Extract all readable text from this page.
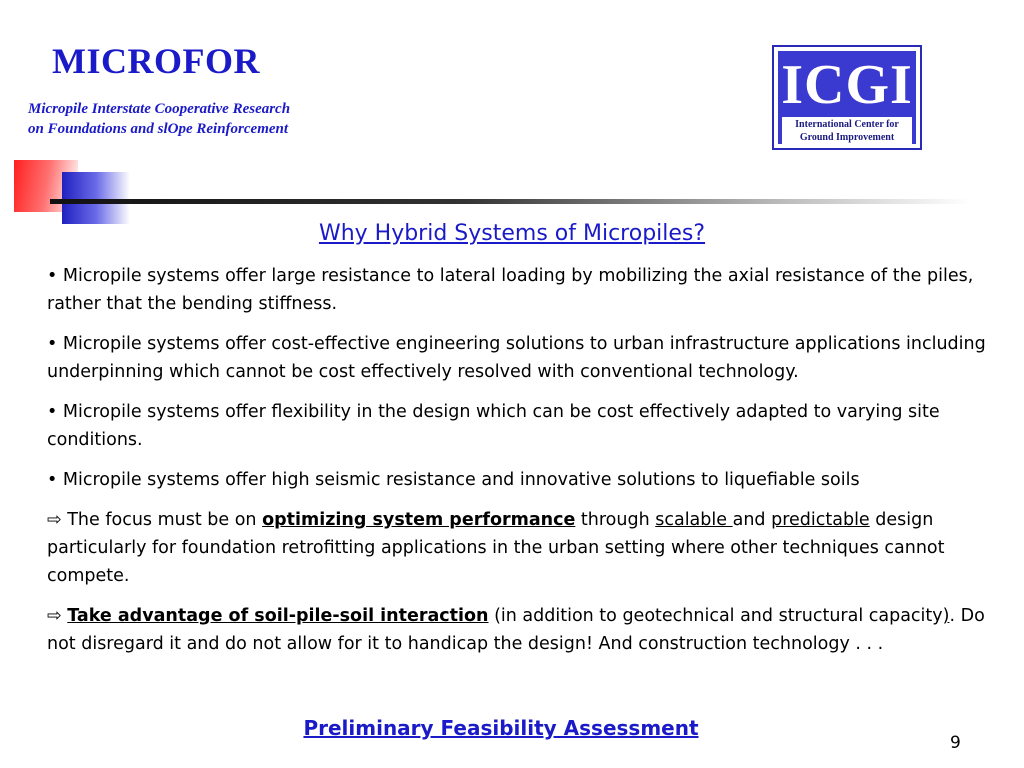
MICROFOR
Micropile Interstate Cooperative Research
on Foundations and slOpe Reinforcement
ICGI
International Center for
Ground Improvement
Why Hybrid Systems of Micropiles?

• Micropile systems offer large resistance to lateral loading by mobilizing the axial resistance of the piles, rather that the bending stiffness.

• Micropile systems offer cost-effective engineering solutions to urban infrastructure applications including underpinning which cannot be cost effectively resolved with conventional technology.

• Micropile systems offer flexibility in the design which can be cost effectively adapted to varying site conditions.

• Micropile systems offer high seismic resistance and innovative solutions to liquefiable soils

⇨ The focus must be on optimizing system performance through scalable and predictable design particularly for foundation retrofitting applications in the urban setting where other techniques cannot compete.

⇨ Take advantage of soil-pile-soil interaction (in addition to geotechnical and structural capacity). Do not disregard it and do not allow for it to handicap the design! And construction technology . . .

Preliminary Feasibility Assessment
9
